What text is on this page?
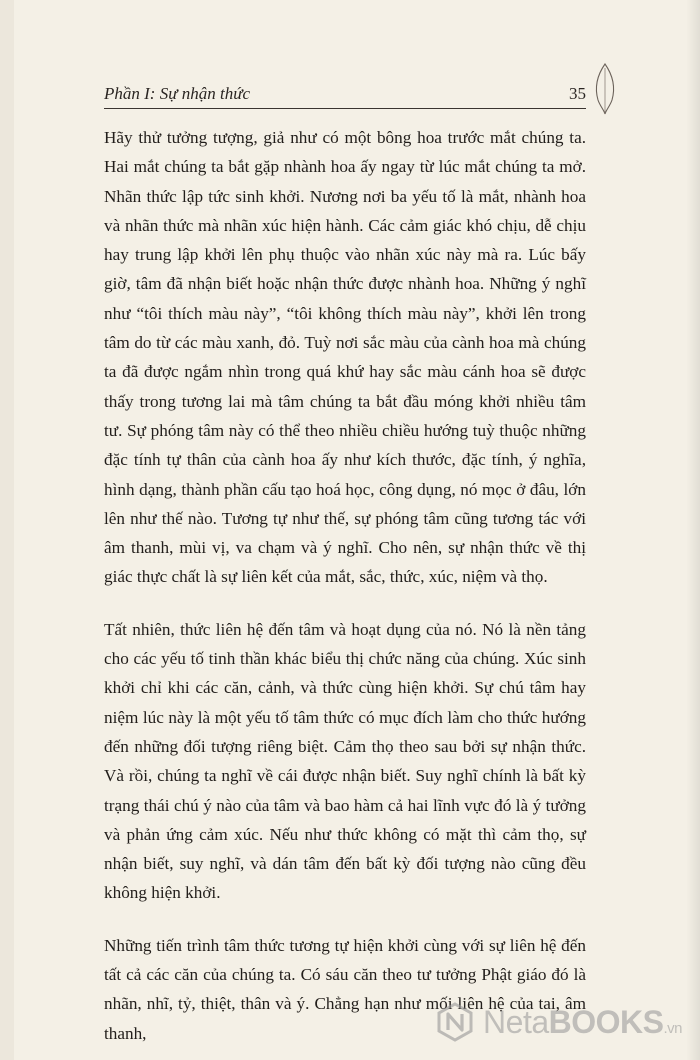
Phần I: Sự nhận thức	35

Hãy thử tưởng tượng, giả như có một bông hoa trước mắt chúng ta. Hai mắt chúng ta bắt gặp nhành hoa ấy ngay từ lúc mắt chúng ta mở. Nhãn thức lập tức sinh khởi. Nương nơi ba yếu tố là mắt, nhành hoa và nhãn thức mà nhãn xúc hiện hành. Các cảm giác khó chịu, dễ chịu hay trung lập khởi lên phụ thuộc vào nhãn xúc này mà ra. Lúc bấy giờ, tâm đã nhận biết hoặc nhận thức được nhành hoa. Những ý nghĩ như “tôi thích màu này”, “tôi không thích màu này”, khởi lên trong tâm do từ các màu xanh, đỏ. Tuỳ nơi sắc màu của cành hoa mà chúng ta đã được ngắm nhìn trong quá khứ hay sắc màu cánh hoa sẽ được thấy trong tương lai mà tâm chúng ta bắt đầu móng khởi nhiều tâm tư. Sự phóng tâm này có thể theo nhiều chiều hướng tuỳ thuộc những đặc tính tự thân của cành hoa ấy như kích thước, đặc tính, ý nghĩa, hình dạng, thành phần cấu tạo hoá học, công dụng, nó mọc ở đâu, lớn lên như thế nào. Tương tự như thế, sự phóng tâm cũng tương tác với âm thanh, mùi vị, va chạm và ý nghĩ. Cho nên, sự nhận thức về thị giác thực chất là sự liên kết của mắt, sắc, thức, xúc, niệm và thọ.

Tất nhiên, thức liên hệ đến tâm và hoạt dụng của nó. Nó là nền tảng cho các yếu tố tinh thần khác biểu thị chức năng của chúng. Xúc sinh khởi chỉ khi các căn, cảnh, và thức cùng hiện khởi. Sự chú tâm hay niệm lúc này là một yếu tố tâm thức có mục đích làm cho thức hướng đến những đối tượng riêng biệt. Cảm thọ theo sau bởi sự nhận thức. Và rồi, chúng ta nghĩ về cái được nhận biết. Suy nghĩ chính là bất kỳ trạng thái chú ý nào của tâm và bao hàm cả hai lĩnh vực đó là ý tưởng và phản ứng cảm xúc. Nếu như thức không có mặt thì cảm thọ, sự nhận biết, suy nghĩ, và dán tâm đến bất kỳ đối tượng nào cũng đều không hiện khởi.

Những tiến trình tâm thức tương tự hiện khởi cùng với sự liên hệ đến tất cả các căn của chúng ta. Có sáu căn theo tư tưởng Phật giáo đó là nhãn, nhĩ, tỷ, thiệt, thân và ý. Chẳng hạn như mối liên hệ của tai, âm thanh,	NetaBOOKS.vn
